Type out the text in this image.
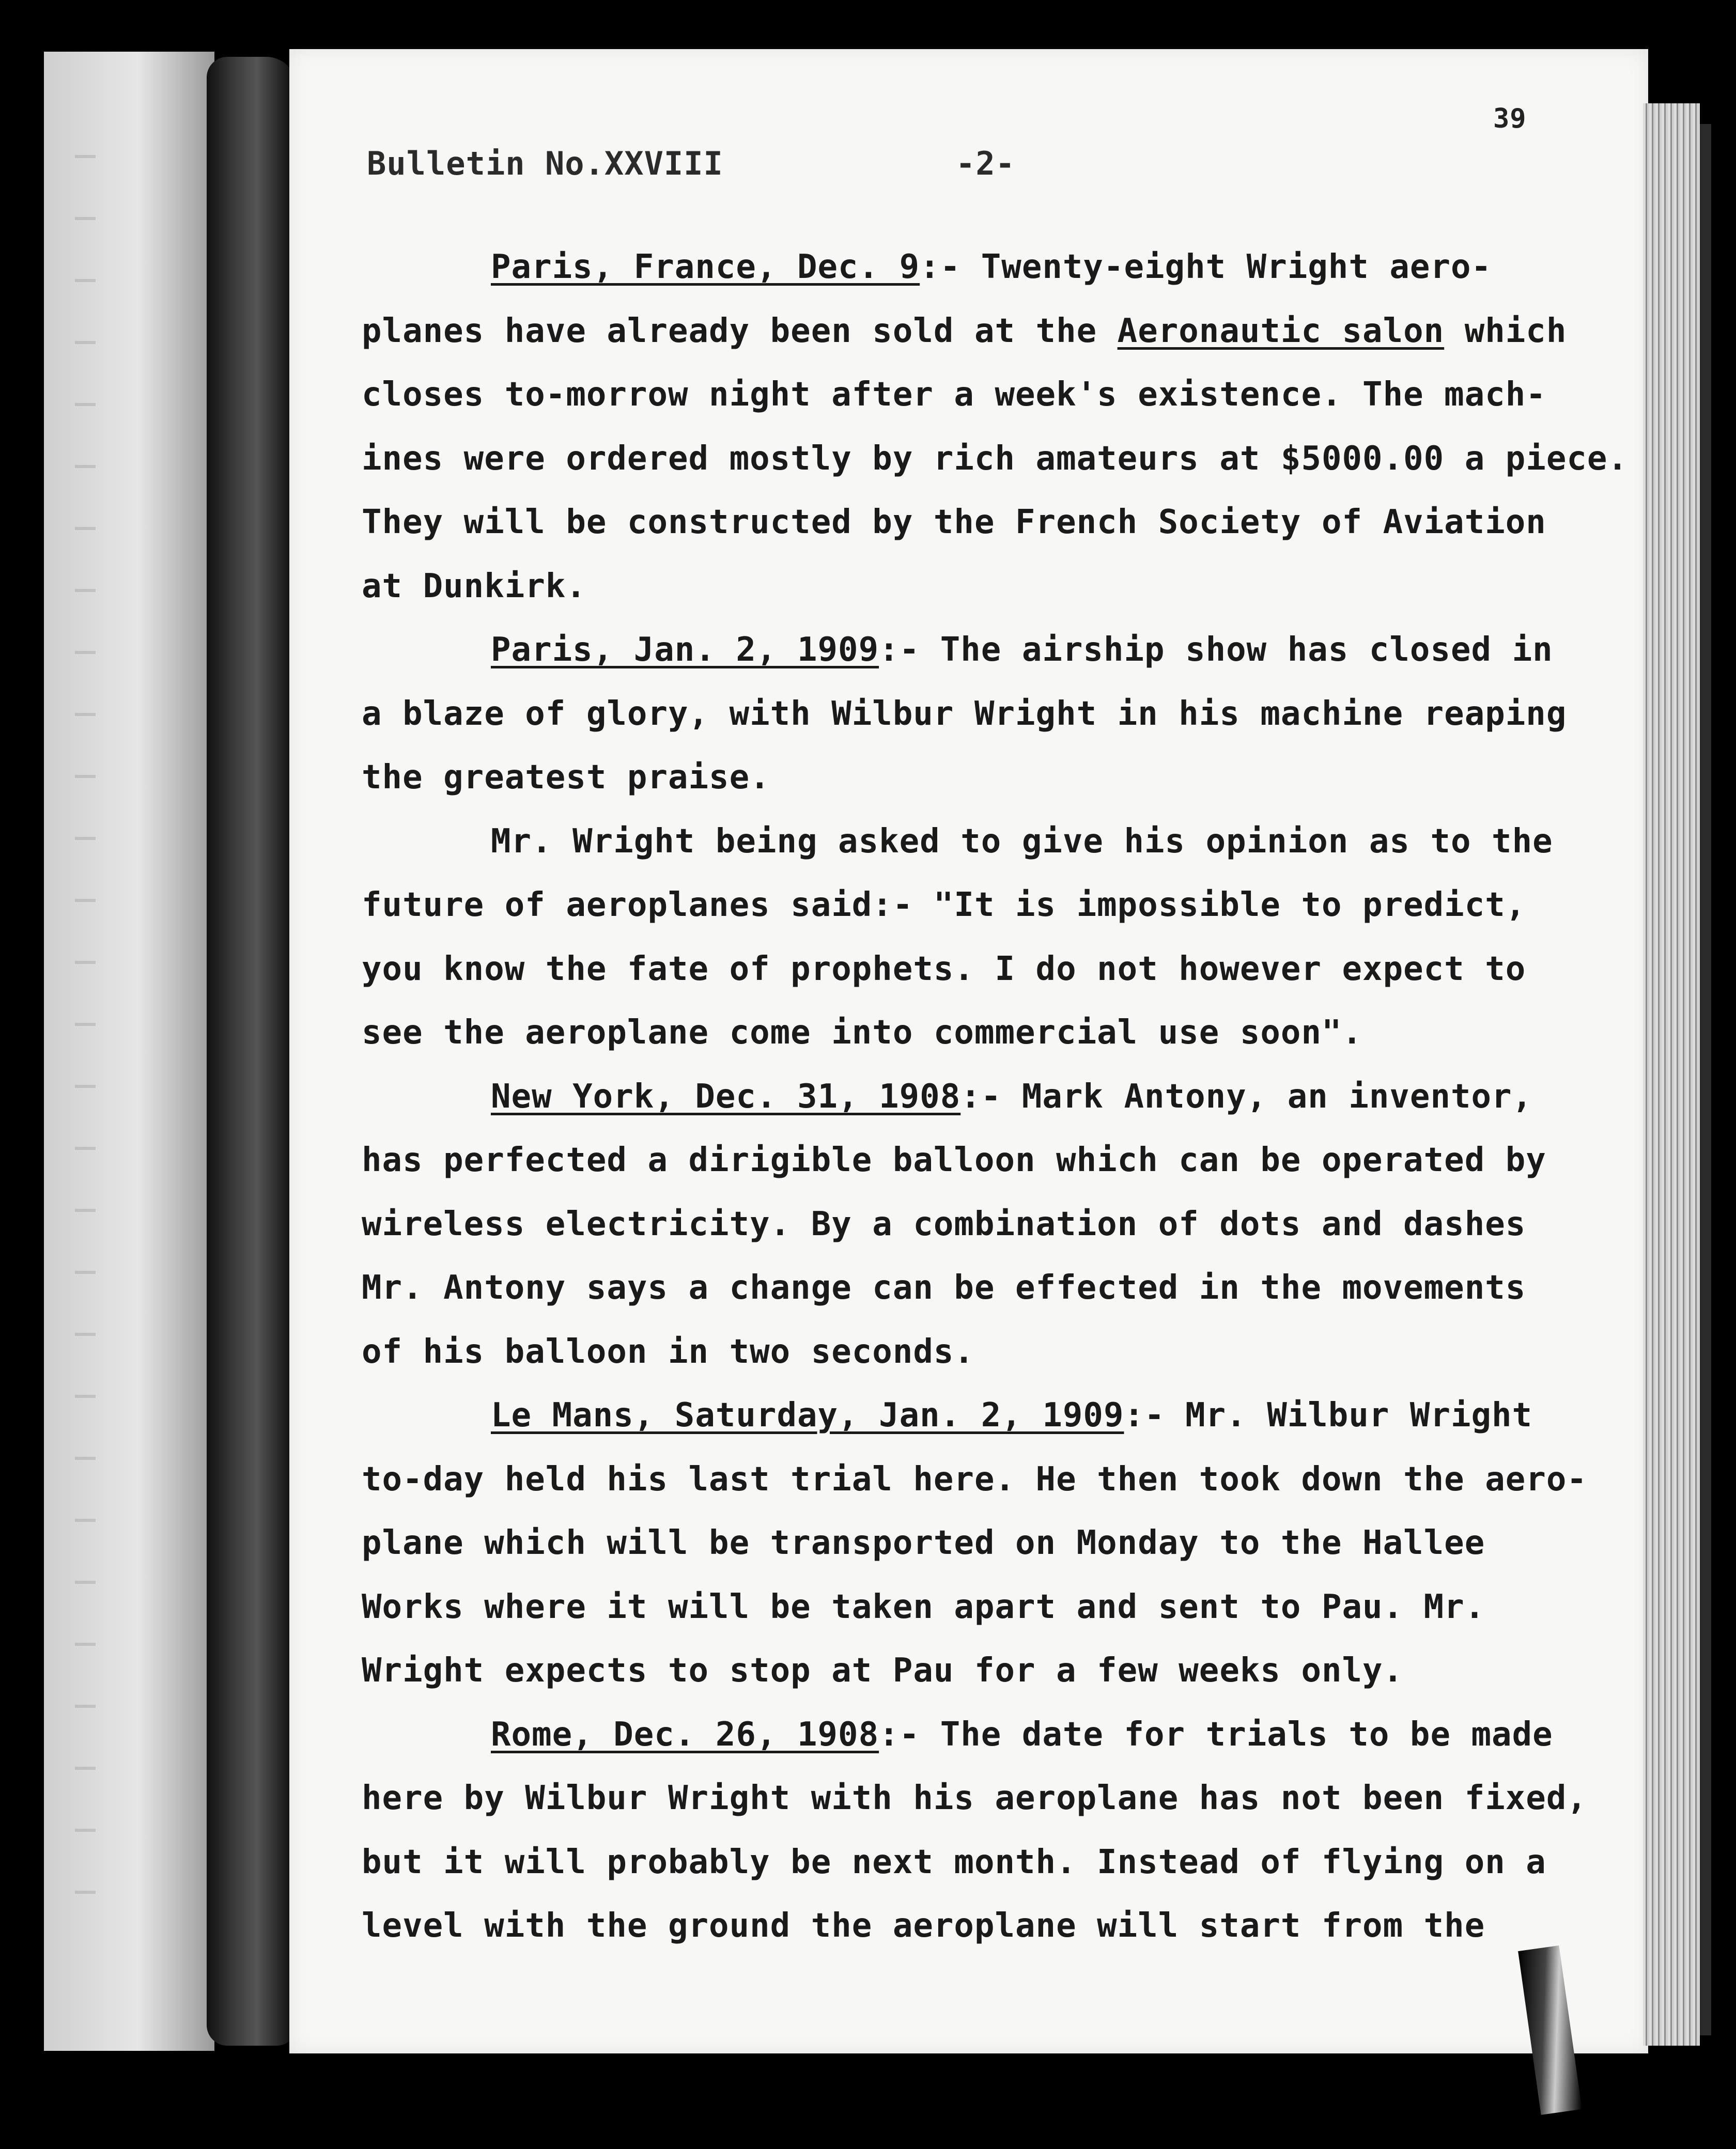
39
Bulletin No.XXVIII	-2-
Paris, France, Dec. 9:- Twenty-eight Wright aero-
planes have already been sold at the Aeronautic salon which
closes to-morrow night after a week's existence. The mach-
ines were ordered mostly by rich amateurs at $5000.00 a piece.
They will be constructed by the French Society of Aviation
at Dunkirk.
Paris, Jan. 2, 1909:- The airship show has closed in
a blaze of glory, with Wilbur Wright in his machine reaping
the greatest praise.
Mr. Wright being asked to give his opinion as to the
future of aeroplanes said:- "It is impossible to predict,
you know the fate of prophets. I do not however expect to
see the aeroplane come into commercial use soon".
New York, Dec. 31, 1908:- Mark Antony, an inventor,
has perfected a dirigible balloon which can be operated by
wireless electricity. By a combination of dots and dashes
Mr. Antony says a change can be effected in the movements
of his balloon in two seconds.
Le Mans, Saturday, Jan. 2, 1909:- Mr. Wilbur Wright
to-day held his last trial here. He then took down the aero-
plane which will be transported on Monday to the Hallee
Works where it will be taken apart and sent to Pau. Mr.
Wright expects to stop at Pau for a few weeks only.
Rome, Dec. 26, 1908:- The date for trials to be made
here by Wilbur Wright with his aeroplane has not been fixed,
but it will probably be next month. Instead of flying on a
level with the ground the aeroplane will start from the
